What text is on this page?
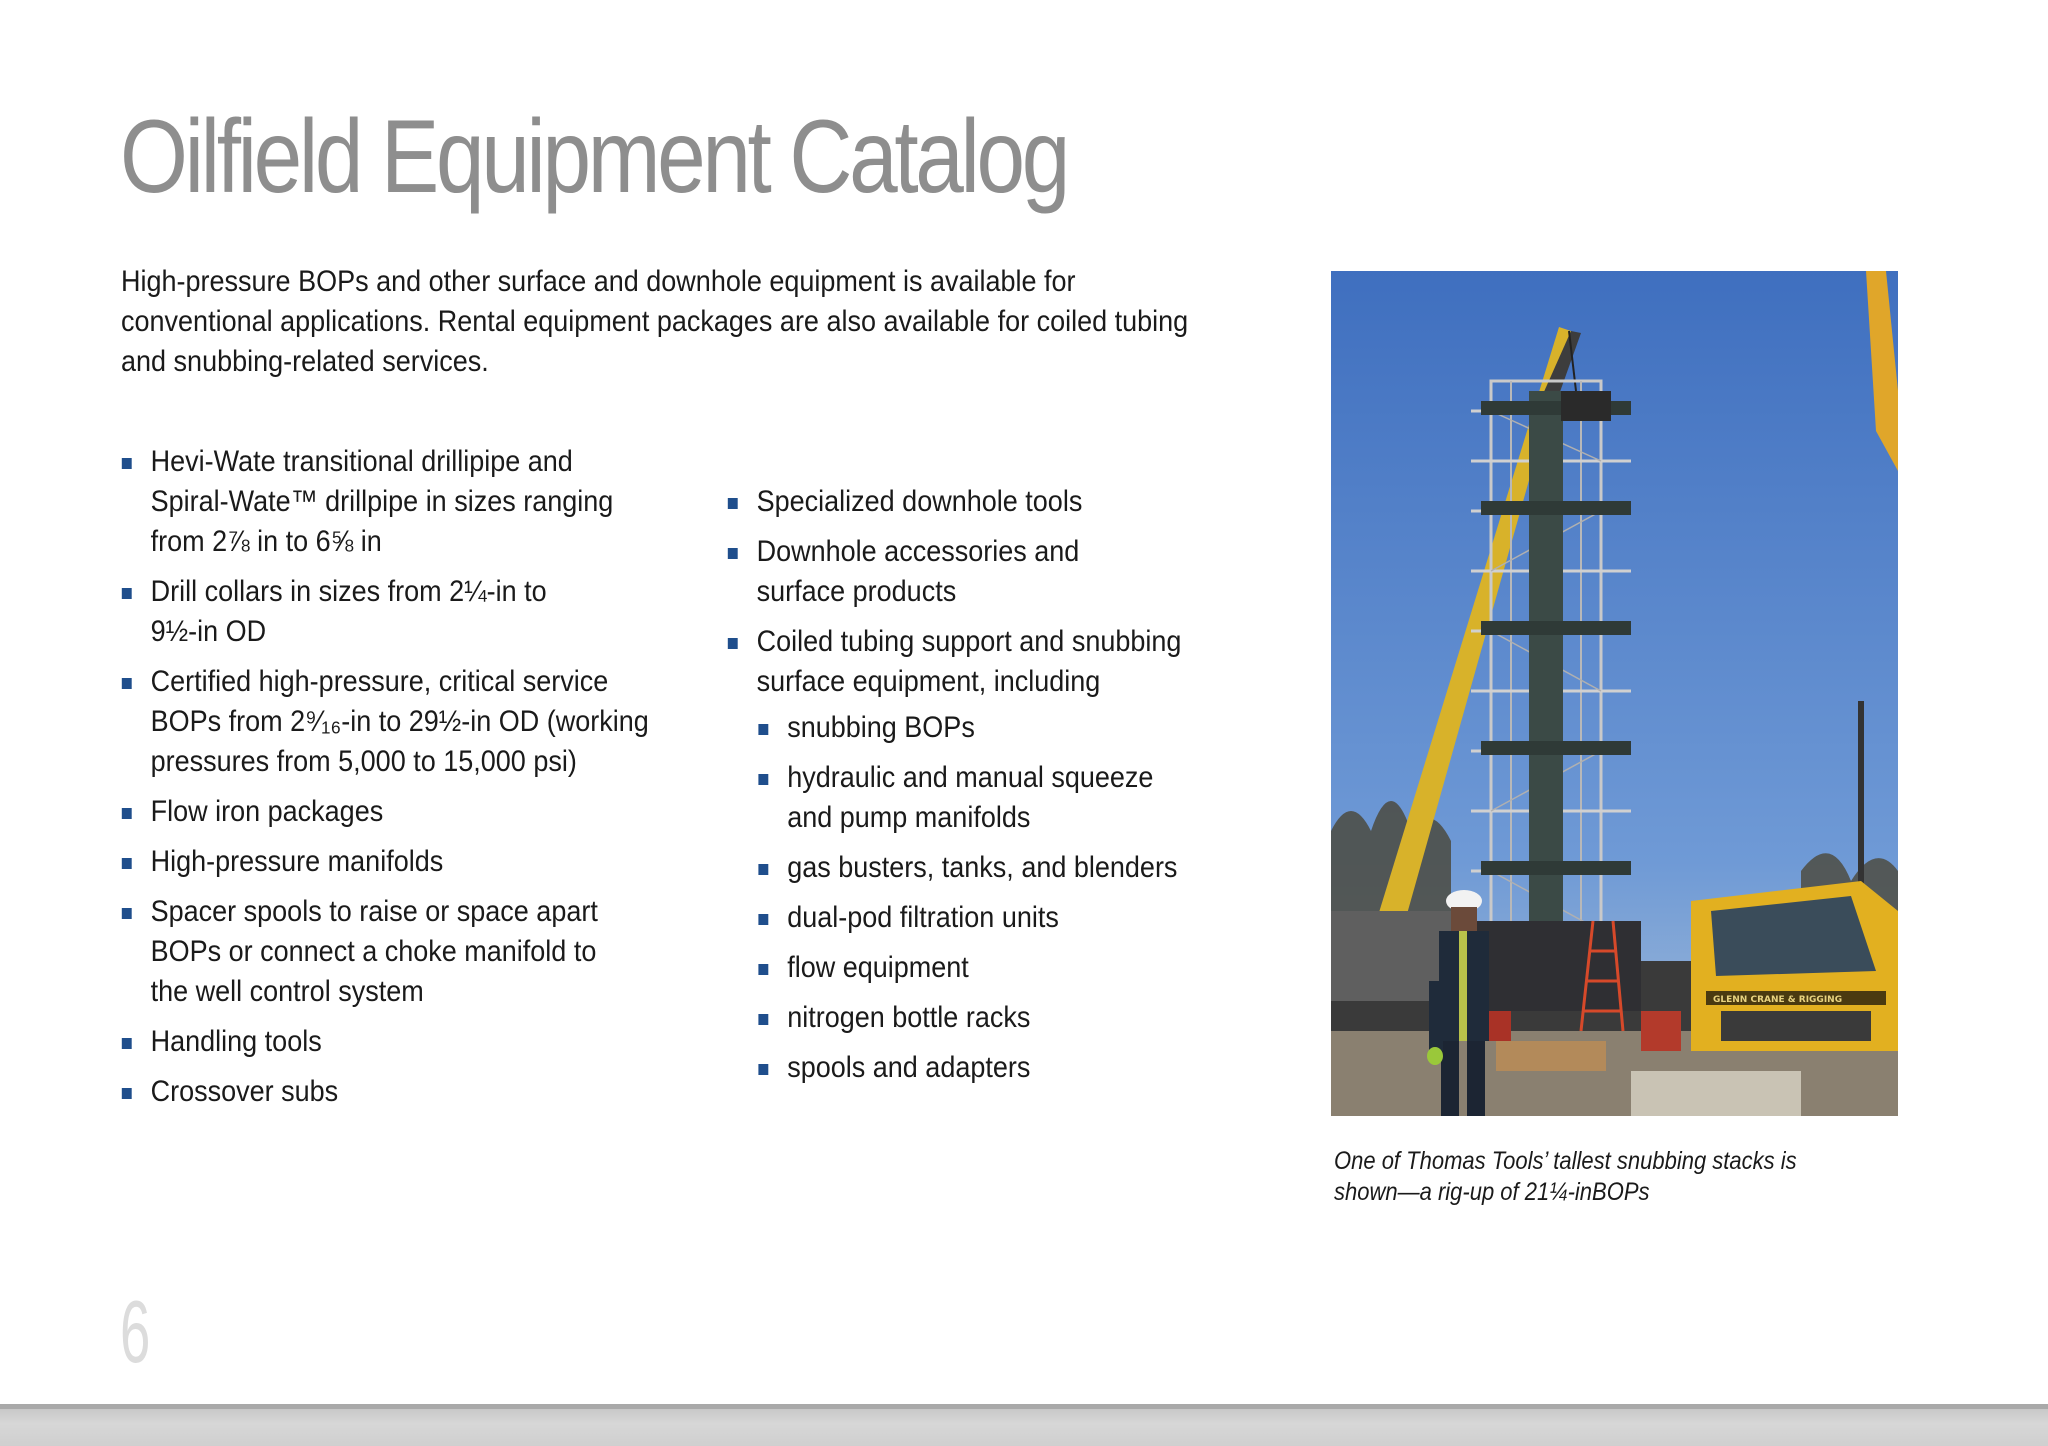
Oilfield Equipment Catalog
High-pressure BOPs and other surface and downhole equipment is available for
conventional applications. Rental equipment packages are also available for coiled tubing
and snubbing-related services.
Hevi-Wate transitional drillipipe and
Spiral-Wate™ drillpipe in sizes ranging
from 2⅞ in to 6⅝ in
Drill collars in sizes from 2¼-in to
9½-in OD
Certified high-pressure, critical service
BOPs from 2⁹⁄₁₆-in to 29½-in OD (working
pressures from 5,000 to 15,000 psi)
Flow iron packages
High-pressure manifolds
Spacer spools to raise or space apart
BOPs or connect a choke manifold to
the well control system
Handling tools
Crossover subs
Specialized downhole tools
Downhole accessories and
surface products
Coiled tubing support and snubbing
surface equipment, including
snubbing BOPs
hydraulic and manual squeeze
and pump manifolds
gas busters, tanks, and blenders
dual-pod filtration units
flow equipment
nitrogen bottle racks
spools and adapters
GLENN CRANE & RIGGING
One of Thomas Tools’ tallest snubbing stacks is
shown—a rig-up of 21¼-inBOPs
6
